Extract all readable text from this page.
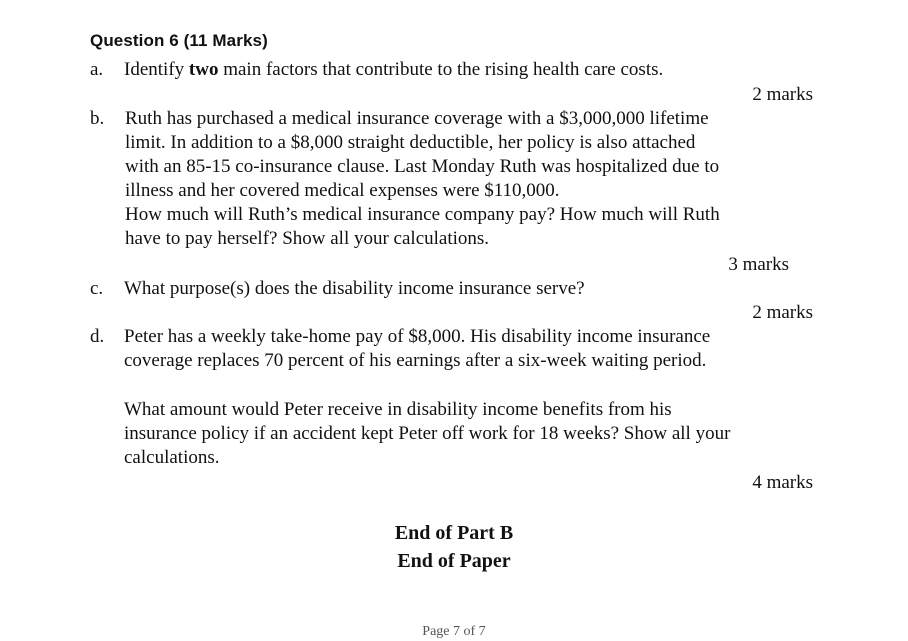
Question 6 (11 Marks)
a. Identify two main factors that contribute to the rising health care costs.
2 marks
b. Ruth has purchased a medical insurance coverage with a $3,000,000 lifetime
limit. In addition to a $8,000 straight deductible, her policy is also attached
with an 85-15 co-insurance clause. Last Monday Ruth was hospitalized due to
illness and her covered medical expenses were $110,000.
How much will Ruth’s medical insurance company pay? How much will Ruth
have to pay herself? Show all your calculations.
3 marks
c. What purpose(s) does the disability income insurance serve?
2 marks
d. Peter has a weekly take-home pay of $8,000. His disability income insurance
coverage replaces 70 percent of his earnings after a six-week waiting period.
What amount would Peter receive in disability income benefits from his
insurance policy if an accident kept Peter off work for 18 weeks? Show all your
calculations.
4 marks
End of Part B
End of Paper
Page 7 of 7
